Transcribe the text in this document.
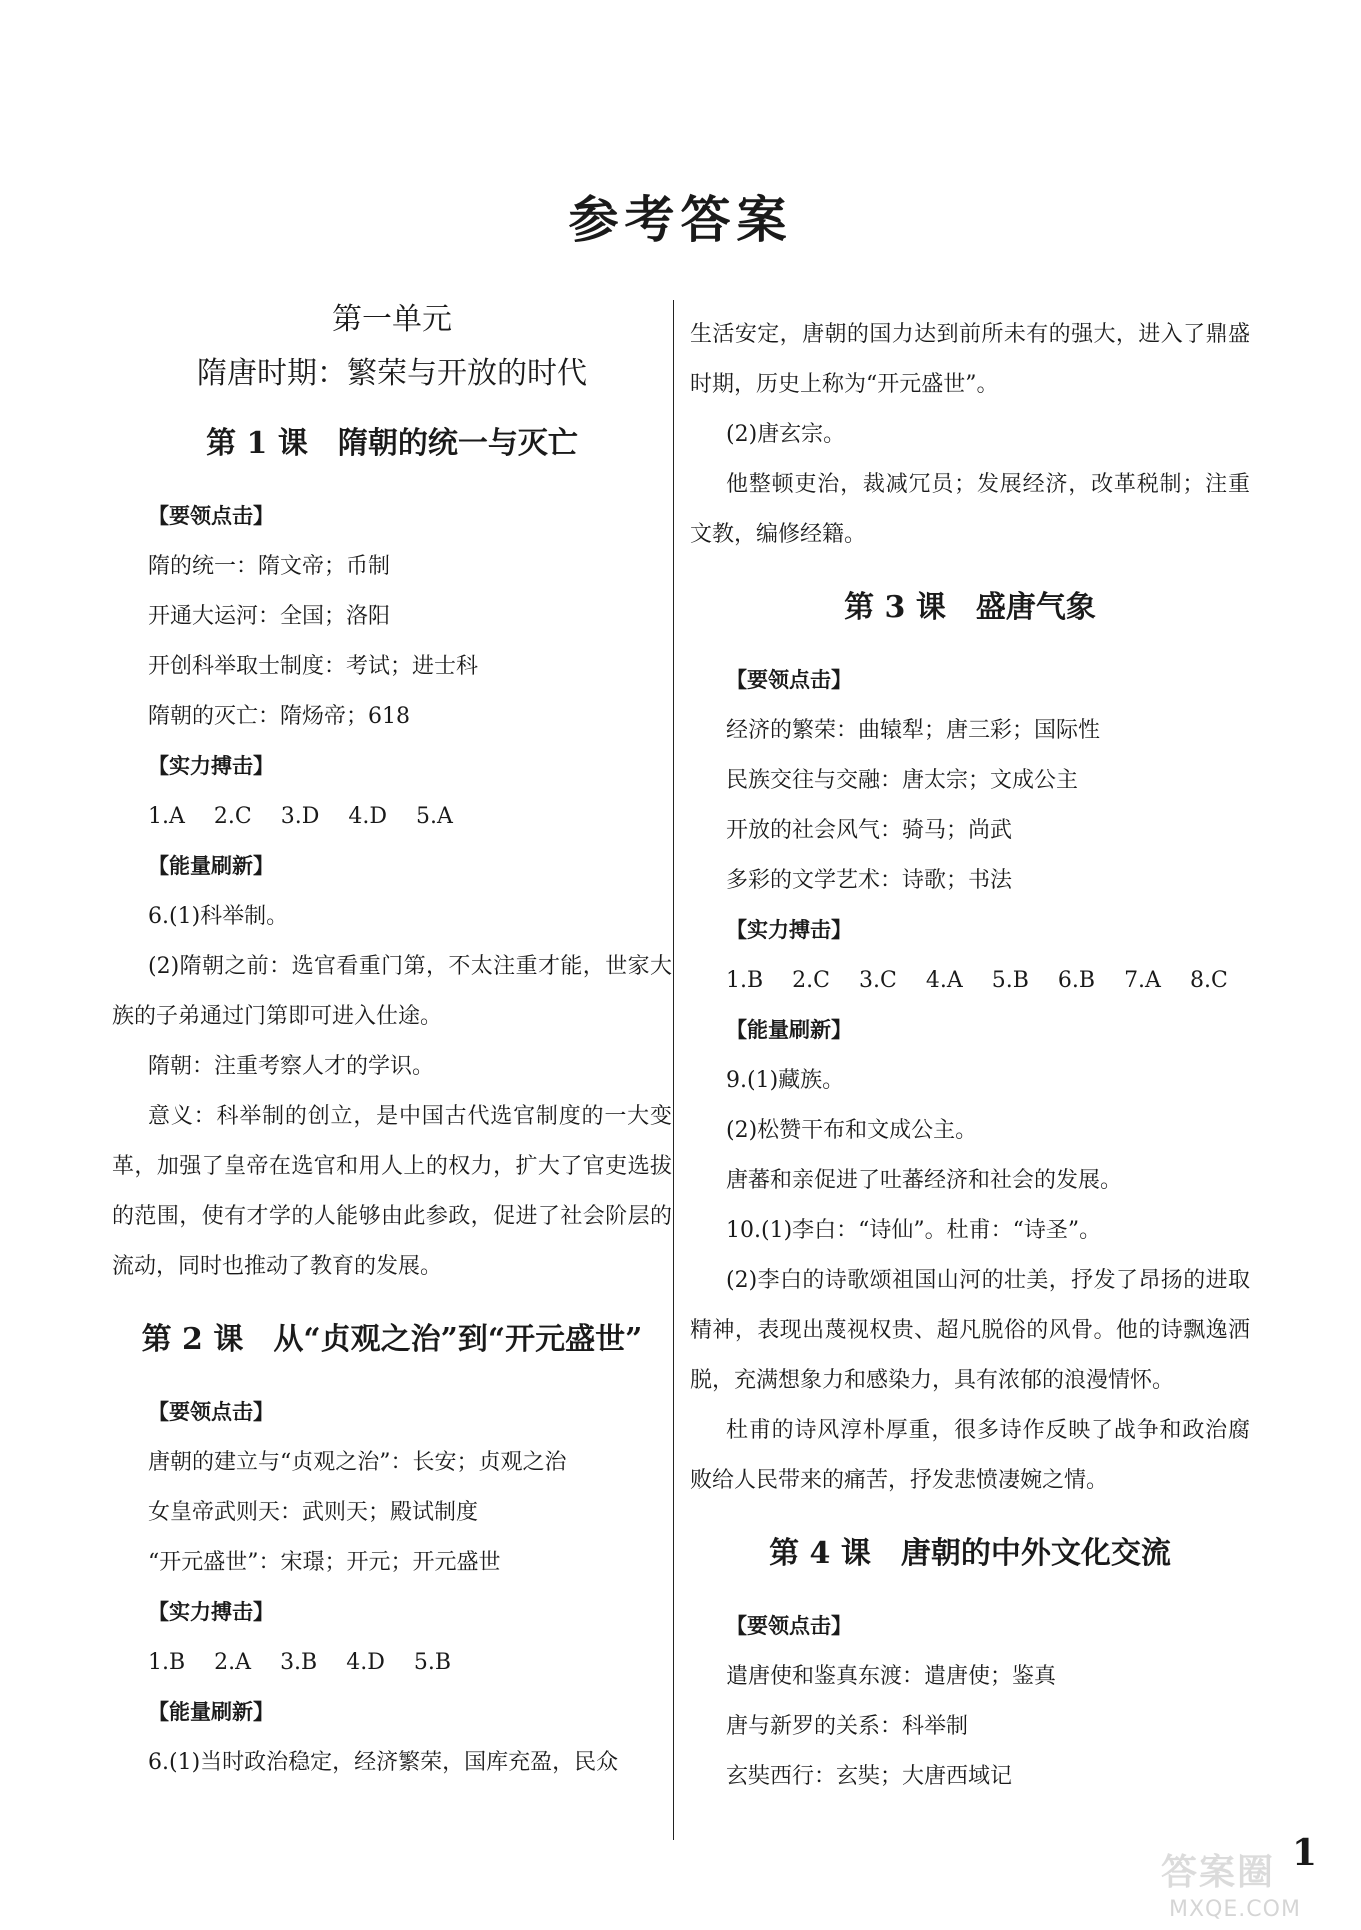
参考答案

第一单元

隋唐时期：繁荣与开放的时代

第 1 课　隋朝的统一与灭亡
【要领点击】

隋的统一：隋文帝；币制

开通大运河：全国；洛阳

开创科举取士制度：考试；进士科

隋朝的灭亡：隋炀帝；618

【实力搏击】

1.A 2.C 3.D 4.D 5.A

【能量刷新】

6.(1)科举制。

(2)隋朝之前：选官看重门第，不太注重才能，世家大族的子弟通过门第即可进入仕途。

隋朝：注重考察人才的学识。

意义：科举制的创立，是中国古代选官制度的一大变革，加强了皇帝在选官和用人上的权力，扩大了官吏选拔的范围，使有才学的人能够由此参政，促进了社会阶层的流动，同时也推动了教育的发展。

第 2 课　从“贞观之治”到“开元盛世”
【要领点击】

唐朝的建立与“贞观之治”：长安；贞观之治

女皇帝武则天：武则天；殿试制度

“开元盛世”：宋璟；开元；开元盛世

【实力搏击】

1.B 2.A 3.B 4.D 5.B

【能量刷新】

6.(1)当时政治稳定，经济繁荣，国库充盈，民众

生活安定，唐朝的国力达到前所未有的强大，进入了鼎盛时期，历史上称为“开元盛世”。

(2)唐玄宗。

他整顿吏治，裁减冗员；发展经济，改革税制；注重文教，编修经籍。

第 3 课　盛唐气象
【要领点击】

经济的繁荣：曲辕犁；唐三彩；国际性

民族交往与交融：唐太宗；文成公主

开放的社会风气：骑马；尚武

多彩的文学艺术：诗歌；书法

【实力搏击】

1.B 2.C 3.C 4.A 5.B 6.B 7.A 8.C

【能量刷新】

9.(1)藏族。

(2)松赞干布和文成公主。

唐蕃和亲促进了吐蕃经济和社会的发展。

10.(1)李白：“诗仙”。杜甫：“诗圣”。

(2)李白的诗歌颂祖国山河的壮美，抒发了昂扬的进取精神，表现出蔑视权贵、超凡脱俗的风骨。他的诗飘逸洒脱，充满想象力和感染力，具有浓郁的浪漫情怀。

杜甫的诗风淳朴厚重，很多诗作反映了战争和政治腐败给人民带来的痛苦，抒发悲愤凄婉之情。

第 4 课　唐朝的中外文化交流
【要领点击】

遣唐使和鉴真东渡：遣唐使；鉴真

唐与新罗的关系：科举制

玄奘西行：玄奘；大唐西域记

1
答案圈
MXQE.COM
